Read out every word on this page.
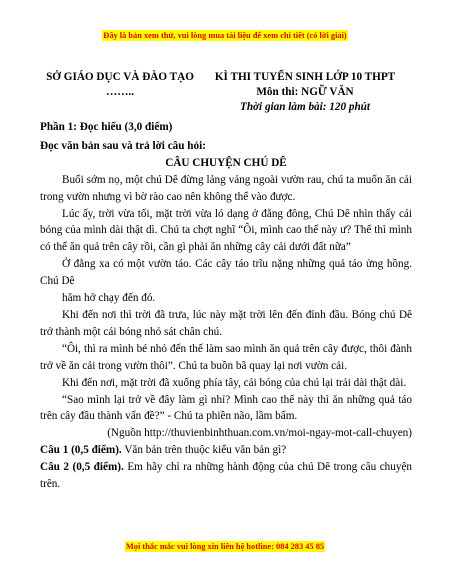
Đây là bản xem thử, vui lòng mua tài liệu để xem chi tiết (có lời giải)
SỞ GIÁO DỤC VÀ ĐÀO TẠO
……..
KÌ THI TUYỂN SINH LỚP 10 THPT
Môn thi: NGỮ VĂN
Thời gian làm bài: 120 phút

Phần 1: Đọc hiểu (3,0 điểm)

Đọc văn bản sau và trả lời câu hỏi:

CÂU CHUYỆN CHÚ DÊ

Buổi sớm nọ, một chú Dê đừng lảng vảng ngoài vườn rau, chú ta muốn ăn cải trong vườn nhưng vì bờ rào cao nên không thể vào được.

Lúc ấy, trời vừa tối, mặt trời vừa ló dạng ở đằng đông, Chú Dê nhìn thấy cái bóng của mình dài thật dì. Chú ta chợt nghĩ “Ôi, mình cao thế này ư? Thế thì mình có thể ăn quả trên cây rồi, cần gì phải ăn những cây cải dưới đất nữa”

Ở đằng xa có một vườn táo. Các cây táo trĩu nặng những quả táo ửng hồng. Chú Dê

hăm hở chạy đến đó.

Khi đến nơi thì trời đã trưa, lúc này mặt trời lên đến đỉnh đầu. Bóng chú Dê trở thành một cái bóng nhỏ sát chân chú.

“Ôi, thì ra mình bé nhỏ đến thế làm sao mình ăn quả trên cây được, thôi đành trở về ăn cải trong vườn thôi”. Chú ta buồn bã quay lại nơi vườn cải.

Khi đến nơi, mặt trời đã xuống phía tây, cái bóng của chú lại trải dài thật dài.

“Sao mình lại trở về đây làm gì nhỉ? Mình cao thế này thì ăn những quả táo trên cây đầu thành vấn đề?” - Chú ta phiền não, lầm bẩm.

(Nguồn http://thuvienbinhthuan.com.vn/moi-ngay-mot-call-chuyen)

Câu 1 (0,5 điểm). Văn bản trên thuộc kiểu văn bản gì?

Câu 2 (0,5 điểm). Em hãy chỉ ra những hành động của chú Dê trong câu chuyện trên.

Mọi thắc mắc vui lòng xin liên hệ hotline: 084 283 45 85
